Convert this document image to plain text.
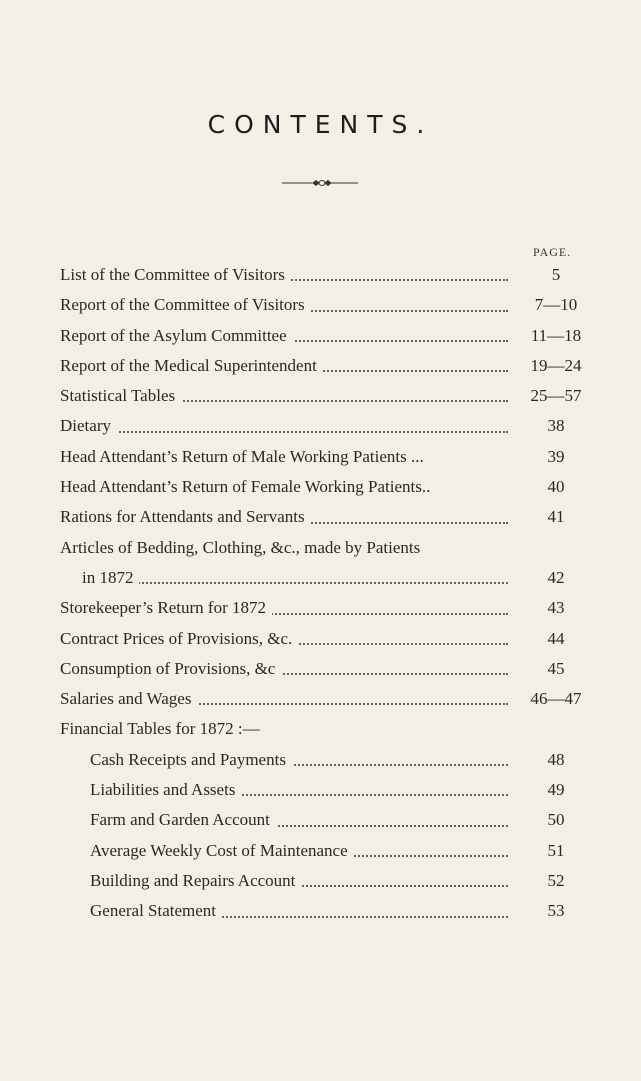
CONTENTS.
PAGE.
List of the Committee of Visitors	5
Report of the Committee of Visitors	7—10
Report of the Asylum Committee	11—18
Report of the Medical Superintendent	19—24
Statistical Tables	25—57
Dietary	38
Head Attendant’s Return of Male Working Patients ...	39
Head Attendant’s Return of Female Working Patients..	40
Rations for Attendants and Servants	41
Articles of Bedding, Clothing, &c., made by Patients
in 1872	42
Storekeeper’s Return for 1872	43
Contract Prices of Provisions, &c.	44
Consumption of Provisions, &c	45
Salaries and Wages	46—47
Financial Tables for 1872 :—
Cash Receipts and Payments	48
Liabilities and Assets	49
Farm and Garden Account	50
Average Weekly Cost of Maintenance	51
Building and Repairs Account	52
General Statement	53
